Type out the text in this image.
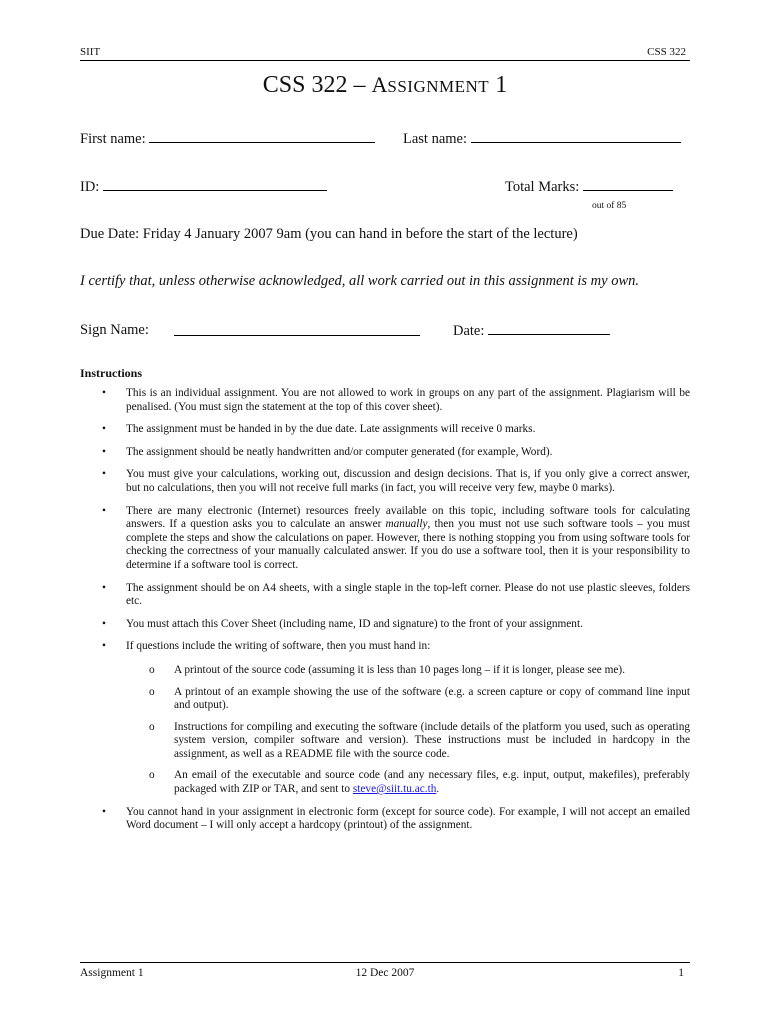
SIIT	CSS 322
CSS 322 – ASSIGNMENT 1
First name:	Last name:
ID:	Total Marks:
out of 85
Due Date: Friday 4 January 2007 9am (you can hand in before the start of the lecture)
I certify that, unless otherwise acknowledged, all work carried out in this assignment is my own.
Sign Name:	Date:
Instructions
• This is an individual assignment. You are not allowed to work in groups on any part of the assignment. Plagiarism will be penalised. (You must sign the statement at the top of this cover sheet).
• The assignment must be handed in by the due date. Late assignments will receive 0 marks.
• The assignment should be neatly handwritten and/or computer generated (for example, Word).
• You must give your calculations, working out, discussion and design decisions. That is, if you only give a correct answer, but no calculations, then you will not receive full marks (in fact, you will receive very few, maybe 0 marks).
• There are many electronic (Internet) resources freely available on this topic, including software tools for calculating answers. If a question asks you to calculate an answer manually, then you must not use such software tools – you must complete the steps and show the calculations on paper. However, there is nothing stopping you from using software tools for checking the correctness of your manually calculated answer. If you do use a software tool, then it is your responsibility to determine if a software tool is correct.
• The assignment should be on A4 sheets, with a single staple in the top-left corner. Please do not use plastic sleeves, folders etc.
• You must attach this Cover Sheet (including name, ID and signature) to the front of your assignment.
• If questions include the writing of software, then you must hand in:
o A printout of the source code (assuming it is less than 10 pages long – if it is longer, please see me).
o A printout of an example showing the use of the software (e.g. a screen capture or copy of command line input and output).
o Instructions for compiling and executing the software (include details of the platform you used, such as operating system version, compiler software and version). These instructions must be included in hardcopy in the assignment, as well as a README file with the source code.
o An email of the executable and source code (and any necessary files, e.g. input, output, makefiles), preferably packaged with ZIP or TAR, and sent to steve@siit.tu.ac.th.
• You cannot hand in your assignment in electronic form (except for source code). For example, I will not accept an emailed Word document – I will only accept a hardcopy (printout) of the assignment.
Assignment 1	12 Dec 2007	1
